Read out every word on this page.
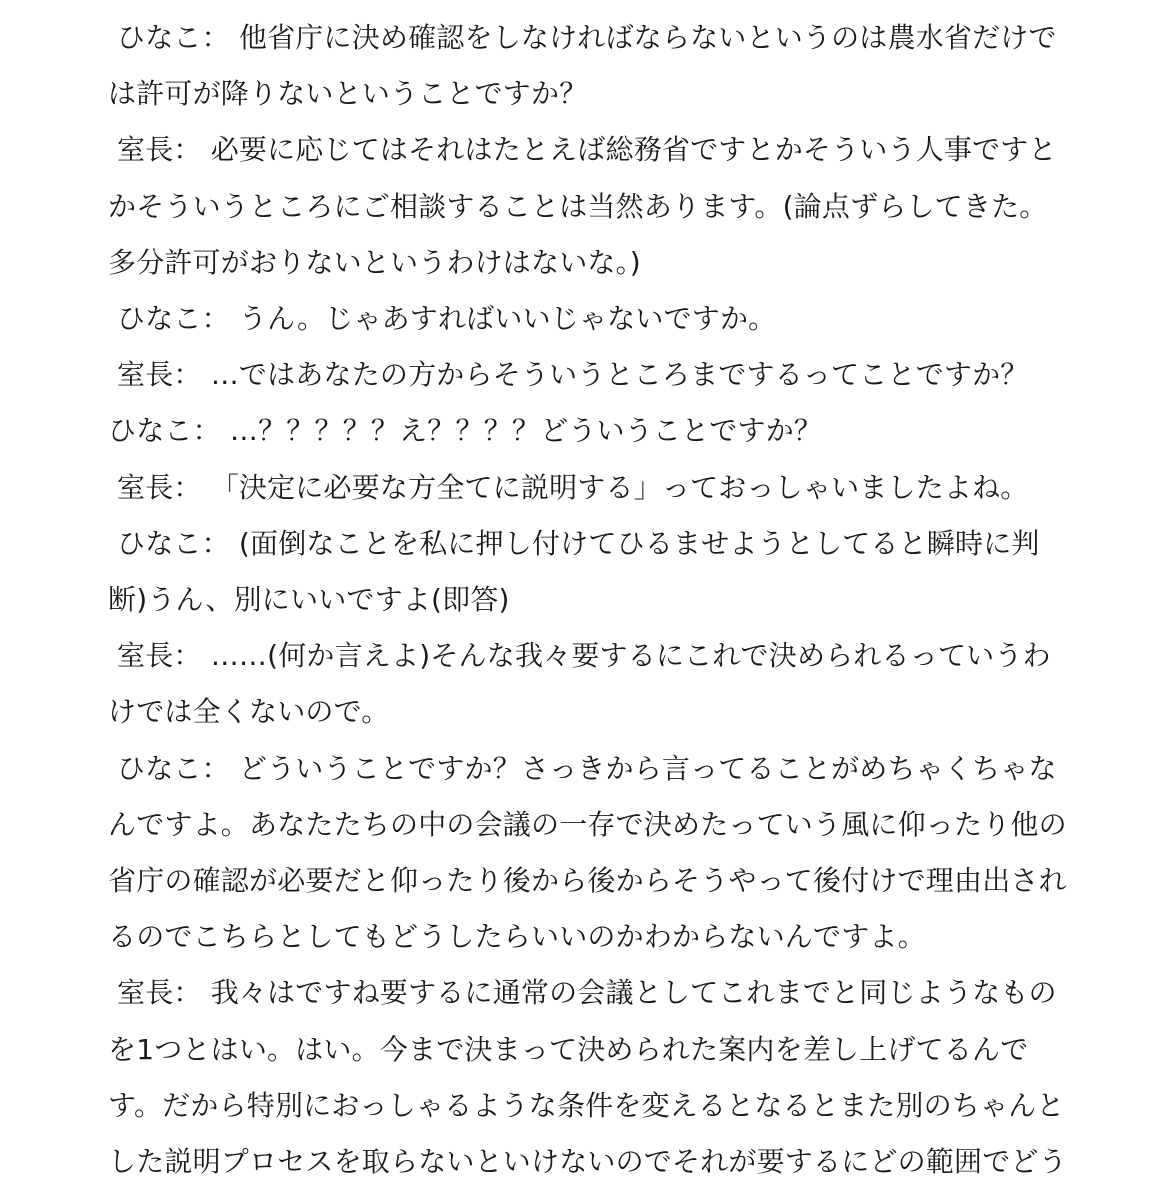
ひなこ： 他省庁に決め確認をしなければならないというのは農水省だけでは許可が降りないということですか？

室長： 必要に応じてはそれはたとえば総務省ですとかそういう人事ですとかそういうところにご相談することは当然あります。(論点ずらしてきた。多分許可がおりないというわけはないな。)

ひなこ： うん。じゃあすればいいじゃないですか。

室長： …ではあなたの方からそういうところまでするってことですか？

ひなこ： …？？？？？え？？？？どういうことですか？

室長： 「決定に必要な方全てに説明する」っておっしゃいましたよね。

ひなこ： (面倒なことを私に押し付けてひるませようとしてると瞬時に判断)うん、別にいいですよ(即答)

室長： ……(何か言えよ)そんな我々要するにこれで決められるっていうわけでは全くないので。

ひなこ： どういうことですか？さっきから言ってることがめちゃくちゃなんですよ。あなたたちの中の会議の一存で決めたっていう風に仰ったり他の省庁の確認が必要だと仰ったり後から後からそうやって後付けで理由出されるのでこちらとしてもどうしたらいいのかわからないんですよ。

室長： 我々はですね要するに通常の会議としてこれまでと同じようなものを1つとはい。はい。今まで決まって決められた案内を差し上げてるんです。だから特別におっしゃるような条件を変えるとなるとまた別のちゃんとした説明プロセスを取らないといけないのでそれが要するにどの範囲でどう
